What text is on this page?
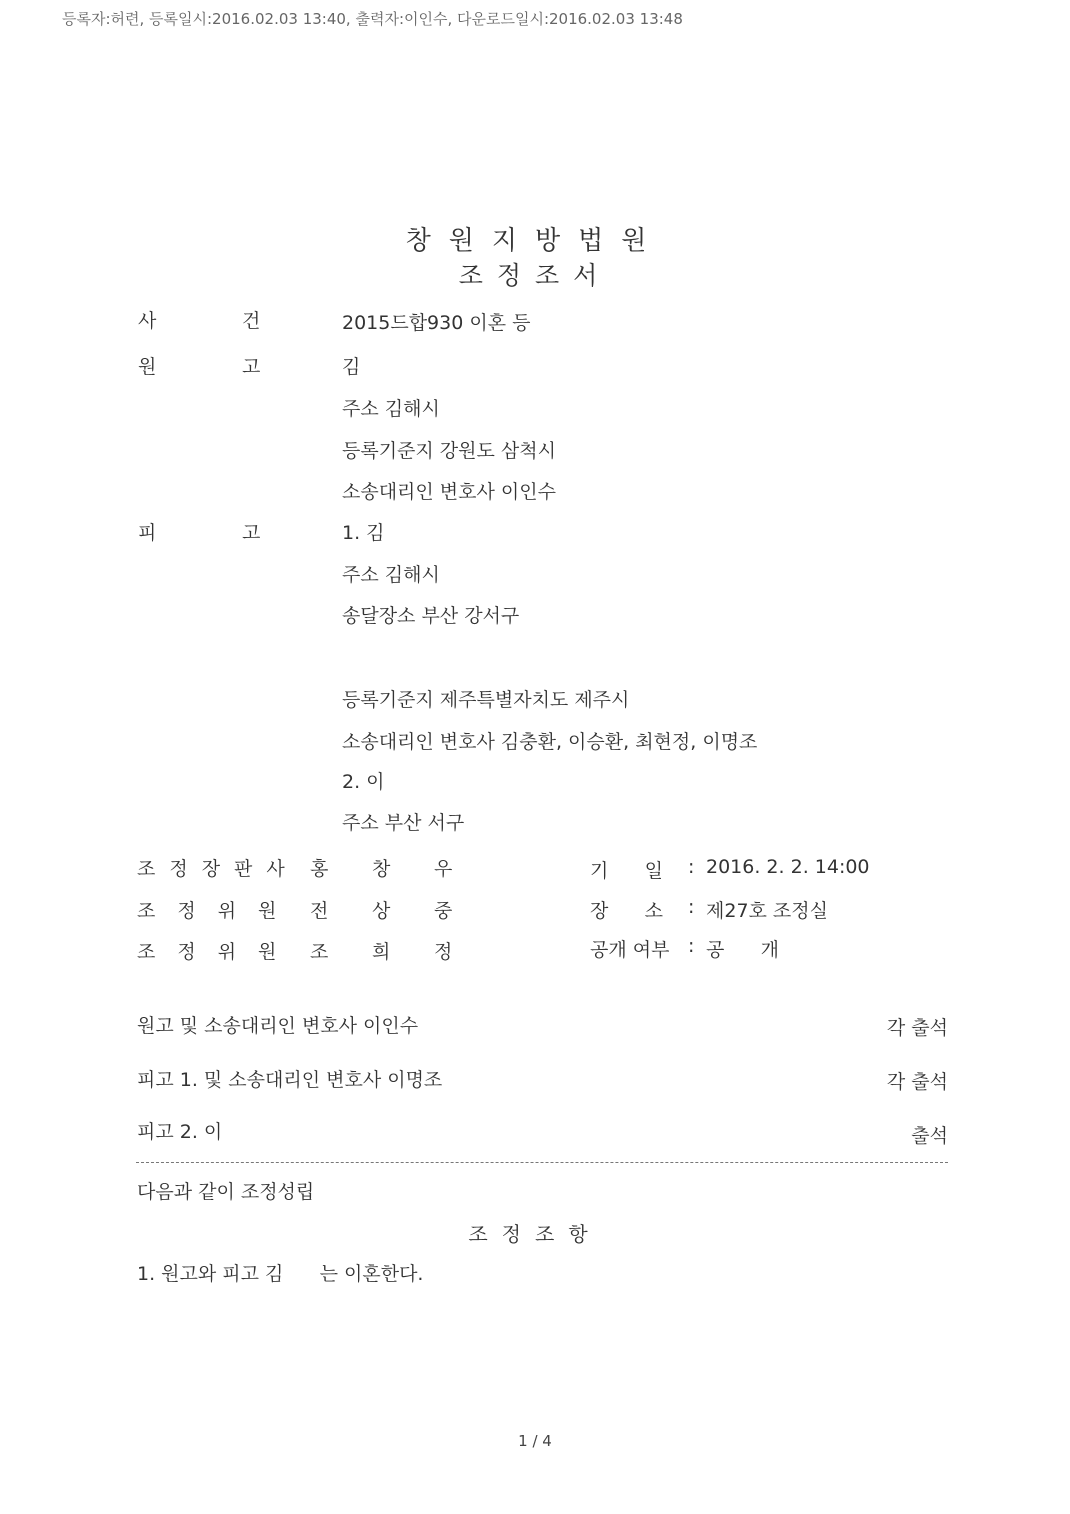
등록자:허련, 등록일시:2016.02.03 13:40, 출력자:이인수, 다운로드일시:2016.02.03 13:48
창원지방법원
조정조서
사	건	2015드합930 이혼 등
원	고	김
주소 김해시
등록기준지 강원도 삼척시
소송대리인 변호사 이인수
피	고	1. 김
주소 김해시
송달장소 부산 강서구
등록기준지 제주특별자치도 제주시
소송대리인 변호사 김충환, 이승환, 최현정, 이명조
2. 이
주소 부산 서구
조정장판사 홍 창 우	기      일 : 2016. 2. 2. 14:00
조정위원 전 상 중	장      소 : 제27호 조정실
조정위원 조 희 정	공개 여부 : 공      개
원고 및 소송대리인 변호사 이인수	각 출석
피고 1. 및 소송대리인 변호사 이명조	각 출석
피고 2. 이	출석
다음과 같이 조정성립
조정조항
1. 원고와 피고 김      는 이혼한다.
1 / 4
